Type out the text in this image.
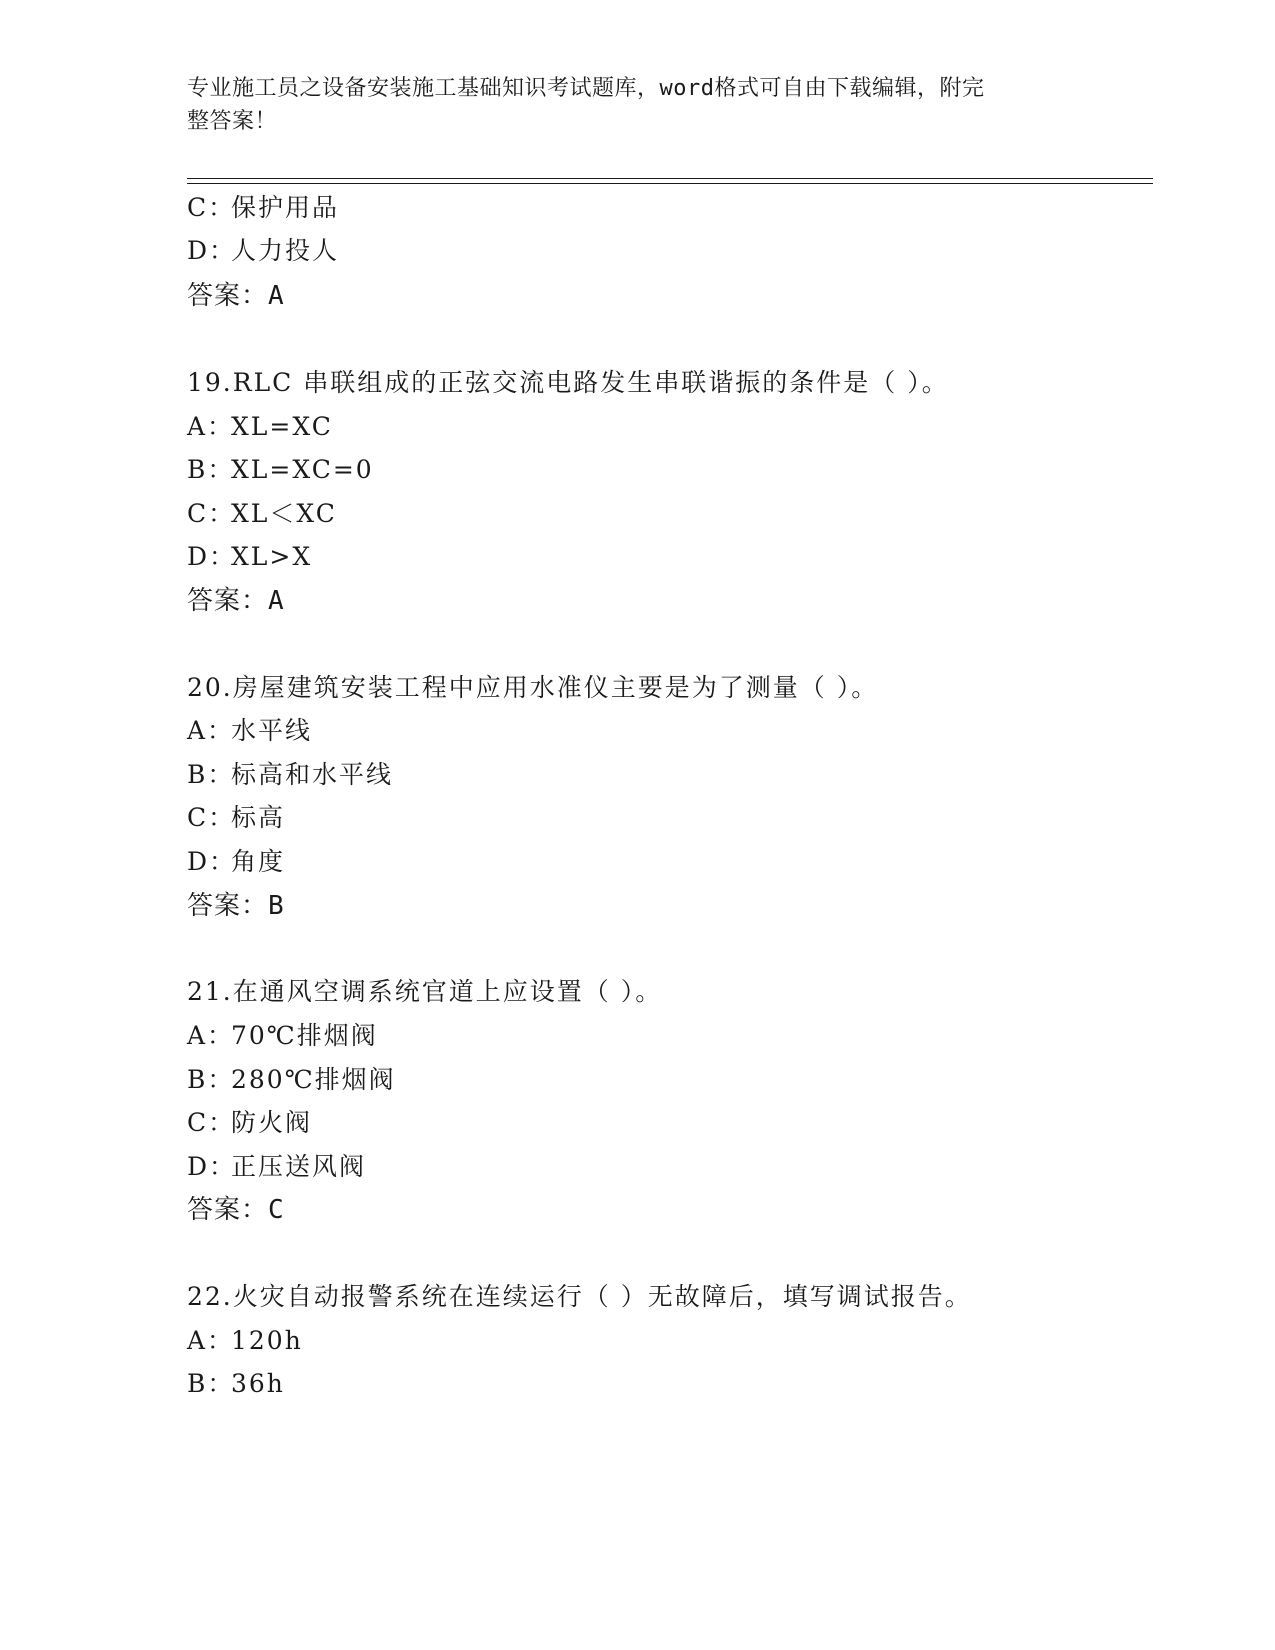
专业施工员之设备安装施工基础知识考试题库，word格式可自由下载编辑，附完
整答案！
C：保护用品
D：人力投人
答案：A
19.RLC 串联组成的正弦交流电路发生串联谐振的条件是（ ）。
A：XL=XC
B：XL=XC=0
C：XL＜XC
D：XL>X
答案：A
20.房屋建筑安装工程中应用水准仪主要是为了测量（ ）。
A：水平线
B：标高和水平线
C：标高
D：角度
答案：B
21.在通风空调系统官道上应设置（ ）。
A：70℃排烟阀
B：280℃排烟阀
C：防火阀
D：正压送风阀
答案：C
22.火灾自动报警系统在连续运行（ ）无故障后，填写调试报告。
A：120h
B：36h
